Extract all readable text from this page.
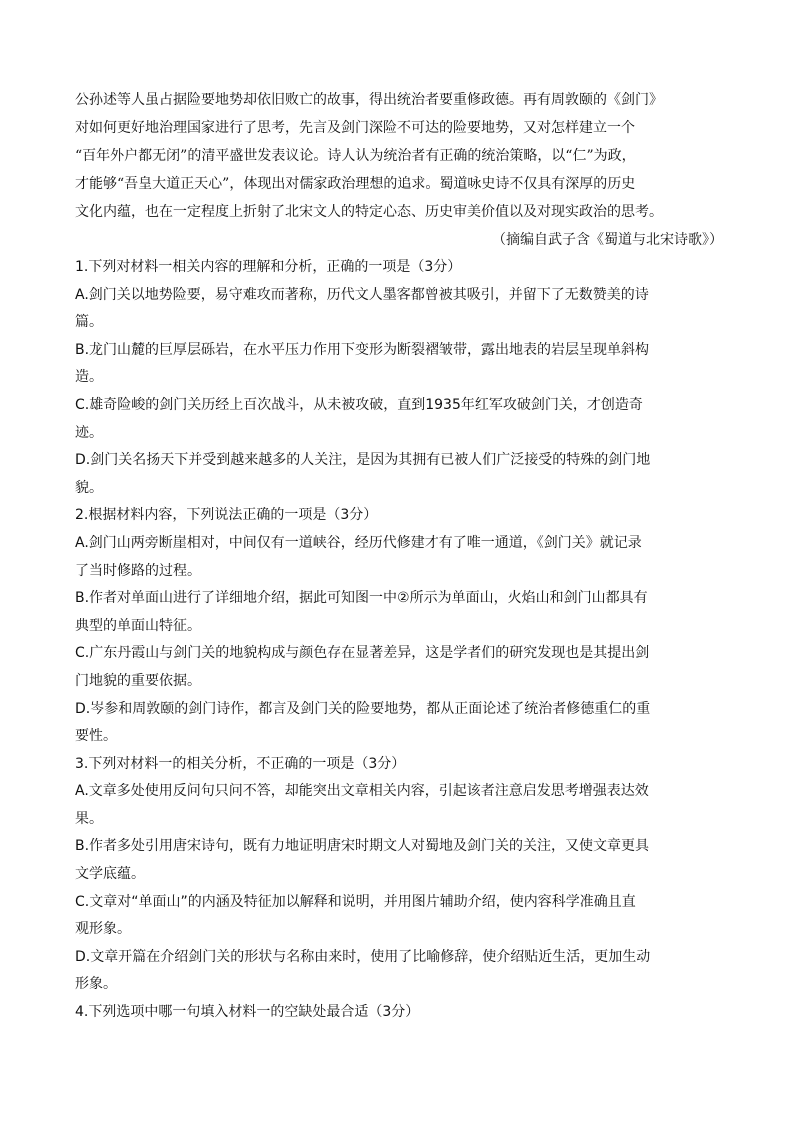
公孙述等人虽占据险要地势却依旧败亡的故事，得出统治者要重修政德。再有周敦颐的《剑门》

对如何更好地治理国家进行了思考，先言及剑门深险不可达的险要地势，又对怎样建立一个

“百年外户都无闭”的清平盛世发表议论。诗人认为统治者有正确的统治策略，以“仁”为政，

才能够“吾皇大道正天心”，体现出对儒家政治理想的追求。蜀道咏史诗不仅具有深厚的历史

文化内蕴，也在一定程度上折射了北宋文人的特定心态、历史审美价值以及对现实政治的思考。

（摘编自武子含《蜀道与北宋诗歌》）

1.下列对材料一相关内容的理解和分析，正确的一项是（3分）

A.剑门关以地势险要，易守难攻而著称，历代文人墨客都曾被其吸引，并留下了无数赞美的诗
篇。

B.龙门山麓的巨厚层砾岩，在水平压力作用下变形为断裂褶皱带，露出地表的岩层呈现单斜构
造。

C.雄奇险峻的剑门关历经上百次战斗，从未被攻破，直到1935年红军攻破剑门关，才创造奇
迹。

D.剑门关名扬天下并受到越来越多的人关注，是因为其拥有已被人们广泛接受的特殊的剑门地
貌。

2.根据材料内容，下列说法正确的一项是（3分）

A.剑门山两旁断崖相对，中间仅有一道峡谷，经历代修建才有了唯一通道，《剑门关》就记录
了当时修路的过程。

B.作者对单面山进行了详细地介绍，据此可知图一中②所示为单面山，火焰山和剑门山都具有
典型的单面山特征。

C.广东丹霞山与剑门关的地貌构成与颜色存在显著差异，这是学者们的研究发现也是其提出剑
门地貌的重要依据。

D.岑参和周敦颐的剑门诗作，都言及剑门关的险要地势，都从正面论述了统治者修德重仁的重
要性。

3.下列对材料一的相关分析，不正确的一项是（3分）

A.文章多处使用反问句只问不答，却能突出文章相关内容，引起该者注意启发思考增强表达效
果。

B.作者多处引用唐宋诗句，既有力地证明唐宋时期文人对蜀地及剑门关的关注，又使文章更具
文学底蕴。

C.文章对“单面山”的内涵及特征加以解释和说明，并用图片辅助介绍，使内容科学准确且直
观形象。

D.文章开篇在介绍剑门关的形状与名称由来时，使用了比喻修辞，使介绍贴近生活，更加生动
形象。

4.下列选项中哪一句填入材料一的空缺处最合适（3分）
